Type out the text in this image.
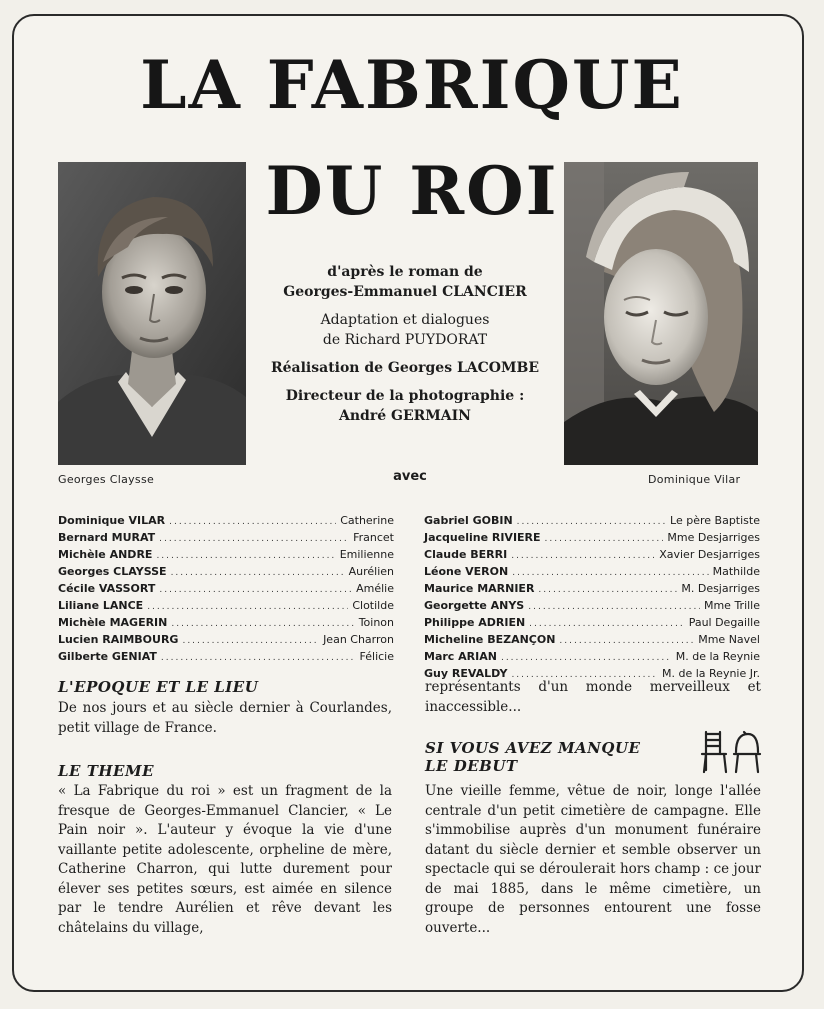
LA FABRIQUE
DU ROI
Georges Claysse	Dominique Vilar
d'après le roman de
Georges-Emmanuel CLANCIER
Adaptation et dialogues
de Richard PUYDORAT
Réalisation de Georges LACOMBE
Directeur de la photographie :
André GERMAIN
avec
Dominique VILAR .....	Catherine
Bernard MURAT .....	Francet
Michèle ANDRE .....	Emilienne
Georges CLAYSSE .....	Aurélien
Cécile VASSORT .....	Amélie
Liliane LANCE .....	Clotilde
Michèle MAGERIN .....	Toinon
Lucien RAIMBOURG .....	Jean Charron
Gilberte GENIAT .....	Félicie
Gabriel GOBIN .....	Le père Baptiste
Jacqueline RIVIERE .....	Mme Desjarriges
Claude BERRI .....	Xavier Desjarriges
Léone VERON .....	Mathilde
Maurice MARNIER .....	M. Desjarriges
Georgette ANYS .....	Mme Trille
Philippe ADRIEN .....	Paul Degaille
Micheline BEZANÇON .....	Mme Navel
Marc ARIAN .....	M. de la Reynie
Guy REVALDY .....	M. de la Reynie Jr.
L'EPOQUE ET LE LIEU
De nos jours et au siècle dernier à Courlandes, petit village de France.
LE THEME
« La Fabrique du roi » est un fragment de la fresque de Georges-Emmanuel Clancier, « Le Pain noir ». L'auteur y évoque la vie d'une vaillante petite adolescente, orpheline de mère, Catherine Charron, qui lutte durement pour élever ses petites sœurs, est aimée en silence par le tendre Aurélien et rêve devant les châtelains du village,
représentants d'un monde merveilleux et inaccessible...
SI VOUS AVEZ MANQUE
LE DEBUT
Une vieille femme, vêtue de noir, longe l'allée centrale d'un petit cimetière de campagne. Elle s'immobilise auprès d'un monument funéraire datant du siècle dernier et semble observer un spectacle qui se déroulerait hors champ : ce jour de mai 1885, dans le même cimetière, un groupe de personnes entourent une fosse ouverte...
